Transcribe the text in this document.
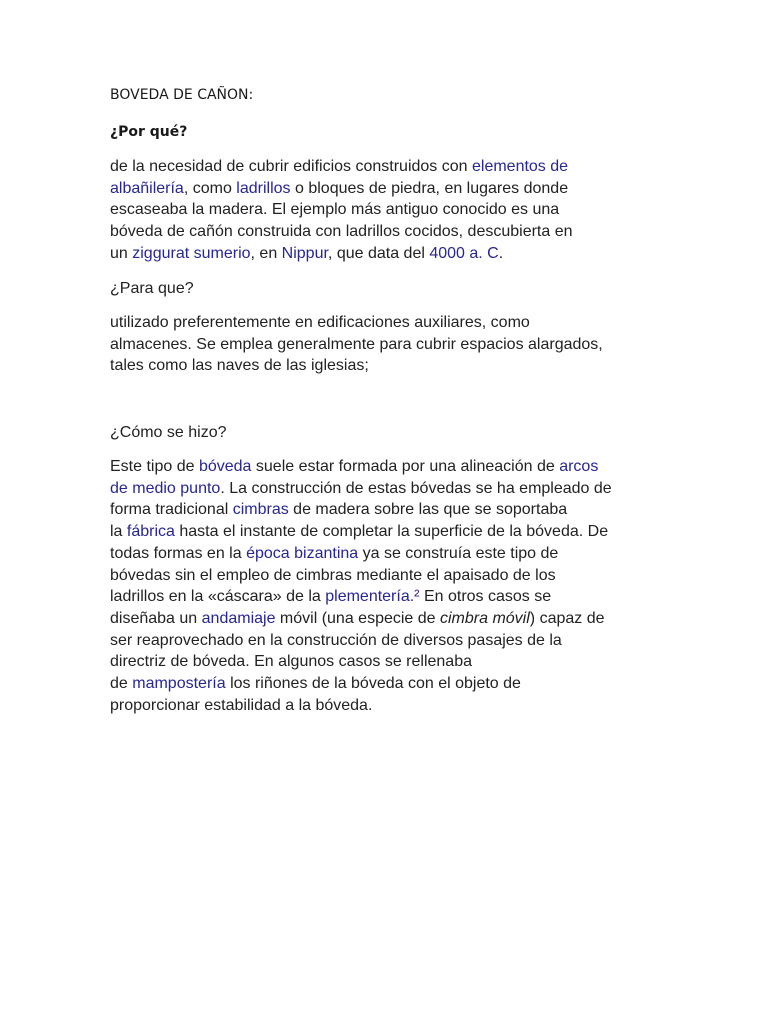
BOVEDA DE CAÑON:
¿Por qué?
de la necesidad de cubrir edificios construidos con elementos de
albañilería, como ladrillos o bloques de piedra, en lugares donde
escaseaba la madera. El ejemplo más antiguo conocido es una
bóveda de cañón construida con ladrillos cocidos, descubierta en
un ziggurat sumerio, en Nippur, que data del 4000 a. C.
¿Para que?
utilizado preferentemente en edificaciones auxiliares, como
almacenes. Se emplea generalmente para cubrir espacios alargados,
tales como las naves de las iglesias;
¿Cómo se hizo?
Este tipo de bóveda suele estar formada por una alineación de arcos
de medio punto. La construcción de estas bóvedas se ha empleado de
forma tradicional cimbras de madera sobre las que se soportaba
la fábrica hasta el instante de completar la superficie de la bóveda. De
todas formas en la época bizantina ya se construía este tipo de
bóvedas sin el empleo de cimbras mediante el apaisado de los
ladrillos en la «cáscara» de la plementería.² En otros casos se
diseñaba un andamiaje móvil (una especie de cimbra móvil) capaz de
ser reaprovechado en la construcción de diversos pasajes de la
directriz de bóveda. En algunos casos se rellenaba
de mampostería los riñones de la bóveda con el objeto de
proporcionar estabilidad a la bóveda.
